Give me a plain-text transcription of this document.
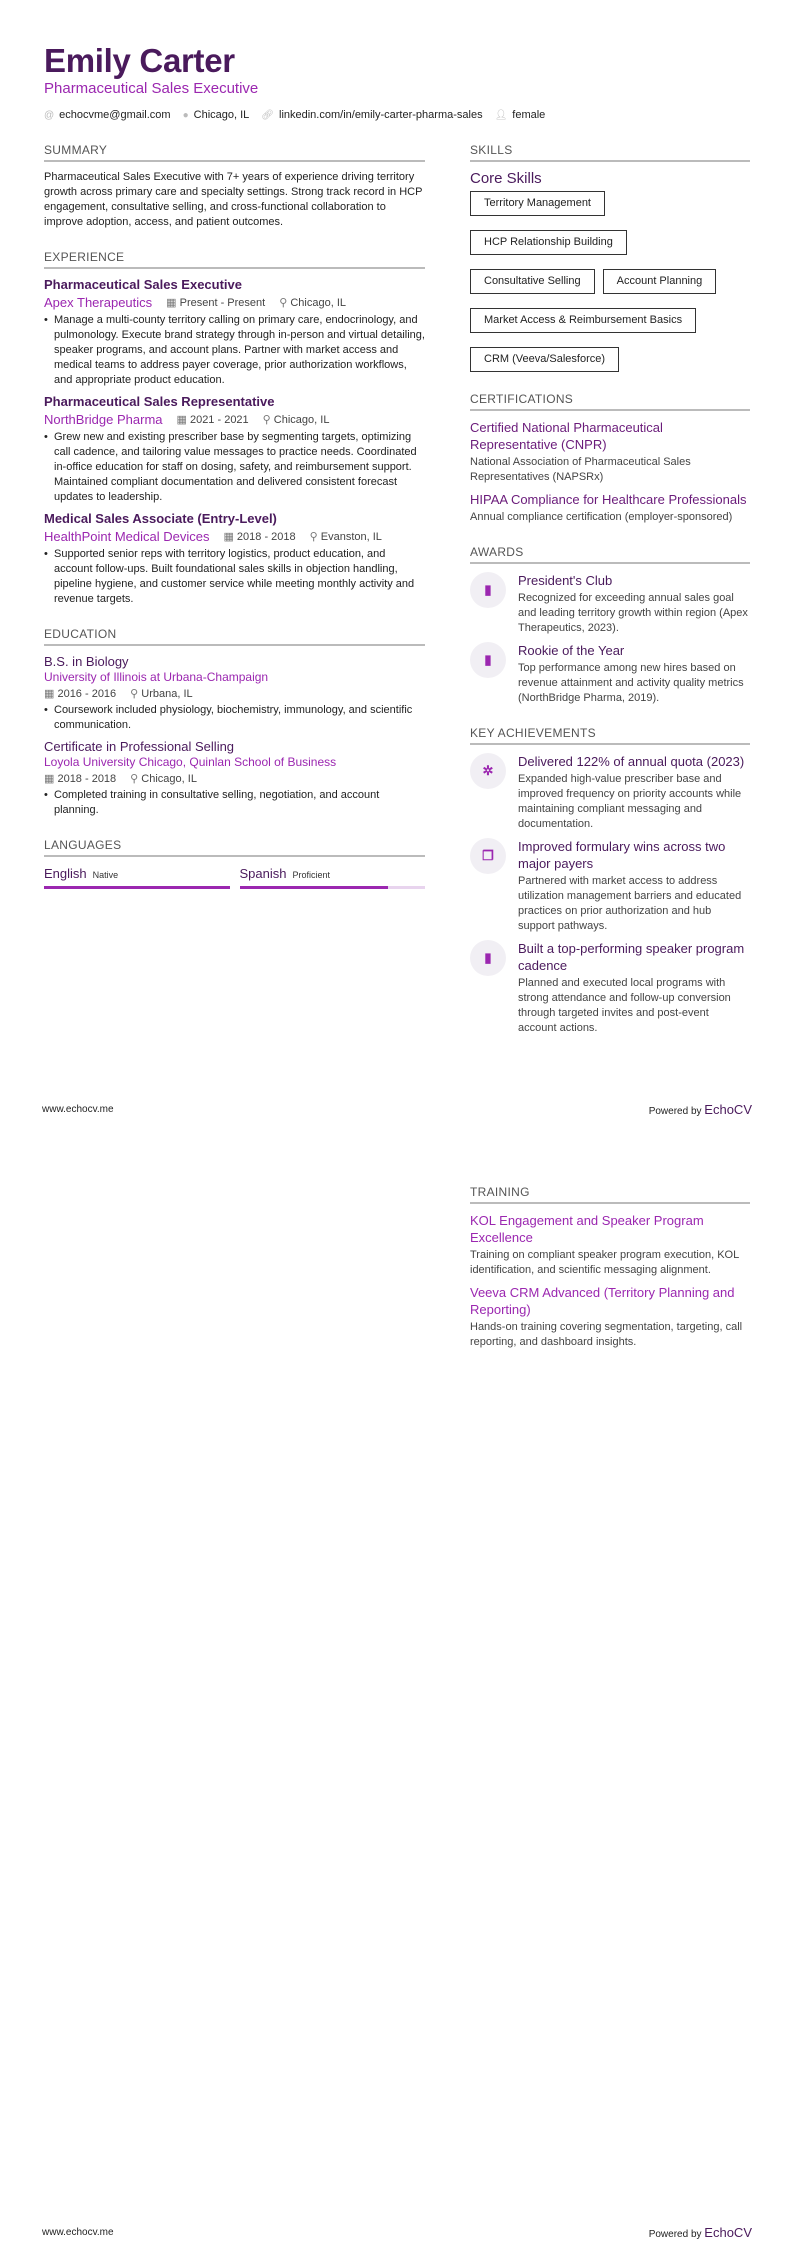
Emily Carter
Pharmaceutical Sales Executive
@ echocvme@gmail.com ● Chicago, IL 🔗︎ linkedin.com/in/emily-carter-pharma-sales 👤︎ female
SUMMARY
Pharmaceutical Sales Executive with 7+ years of experience driving territory growth across primary care and specialty settings. Strong track record in HCP engagement, consultative selling, and cross-functional collaboration to improve adoption, access, and patient outcomes.
EXPERIENCE
Pharmaceutical Sales Executive
Apex Therapeutics ▦ Present - Present ⚲ Chicago, IL
• Manage a multi-county territory calling on primary care, endocrinology, and pulmonology. Execute brand strategy through in-person and virtual detailing, speaker programs, and account plans. Partner with market access and medical teams to address payer coverage, prior authorization workflows, and appropriate product education.
Pharmaceutical Sales Representative
NorthBridge Pharma ▦ 2021 - 2021 ⚲ Chicago, IL
• Grew new and existing prescriber base by segmenting targets, optimizing call cadence, and tailoring value messages to practice needs. Coordinated in-office education for staff on dosing, safety, and reimbursement support. Maintained compliant documentation and delivered consistent forecast updates to leadership.
Medical Sales Associate (Entry-Level)
HealthPoint Medical Devices ▦ 2018 - 2018 ⚲ Evanston, IL
• Supported senior reps with territory logistics, product education, and account follow-ups. Built foundational sales skills in objection handling, pipeline hygiene, and customer service while meeting monthly activity and revenue targets.
EDUCATION
B.S. in Biology
University of Illinois at Urbana-Champaign
▦ 2016 - 2016 ⚲ Urbana, IL
• Coursework included physiology, biochemistry, immunology, and scientific communication.
Certificate in Professional Selling
Loyola University Chicago, Quinlan School of Business
▦ 2018 - 2018 ⚲ Chicago, IL
• Completed training in consultative selling, negotiation, and account planning.
LANGUAGES
English Native	Spanish Proficient
SKILLS
Core Skills
Territory Management
HCP Relationship Building
Consultative Selling	Account Planning
Market Access & Reimbursement Basics
CRM (Veeva/Salesforce)
CERTIFICATIONS
Certified National Pharmaceutical Representative (CNPR)
National Association of Pharmaceutical Sales Representatives (NAPSRx)
HIPAA Compliance for Healthcare Professionals
Annual compliance certification (employer-sponsored)
AWARDS
▮
President's Club
Recognized for exceeding annual sales goal and leading territory growth within region (Apex Therapeutics, 2023).
▮
Rookie of the Year
Top performance among new hires based on revenue attainment and activity quality metrics (NorthBridge Pharma, 2019).
KEY ACHIEVEMENTS
✲
Delivered 122% of annual quota (2023)
Expanded high-value prescriber base and improved frequency on priority accounts while maintaining compliant messaging and documentation.
❐
Improved formulary wins across two major payers
Partnered with market access to address utilization management barriers and educated practices on prior authorization and hub support pathways.
▮
Built a top-performing speaker program cadence
Planned and executed local programs with strong attendance and follow-up conversion through targeted invites and post-event account actions.
www.echocv.me	Powered by EchoCV
TRAINING
KOL Engagement and Speaker Program Excellence
Training on compliant speaker program execution, KOL identification, and scientific messaging alignment.
Veeva CRM Advanced (Territory Planning and Reporting)
Hands-on training covering segmentation, targeting, call reporting, and dashboard insights.
www.echocv.me	Powered by EchoCV
